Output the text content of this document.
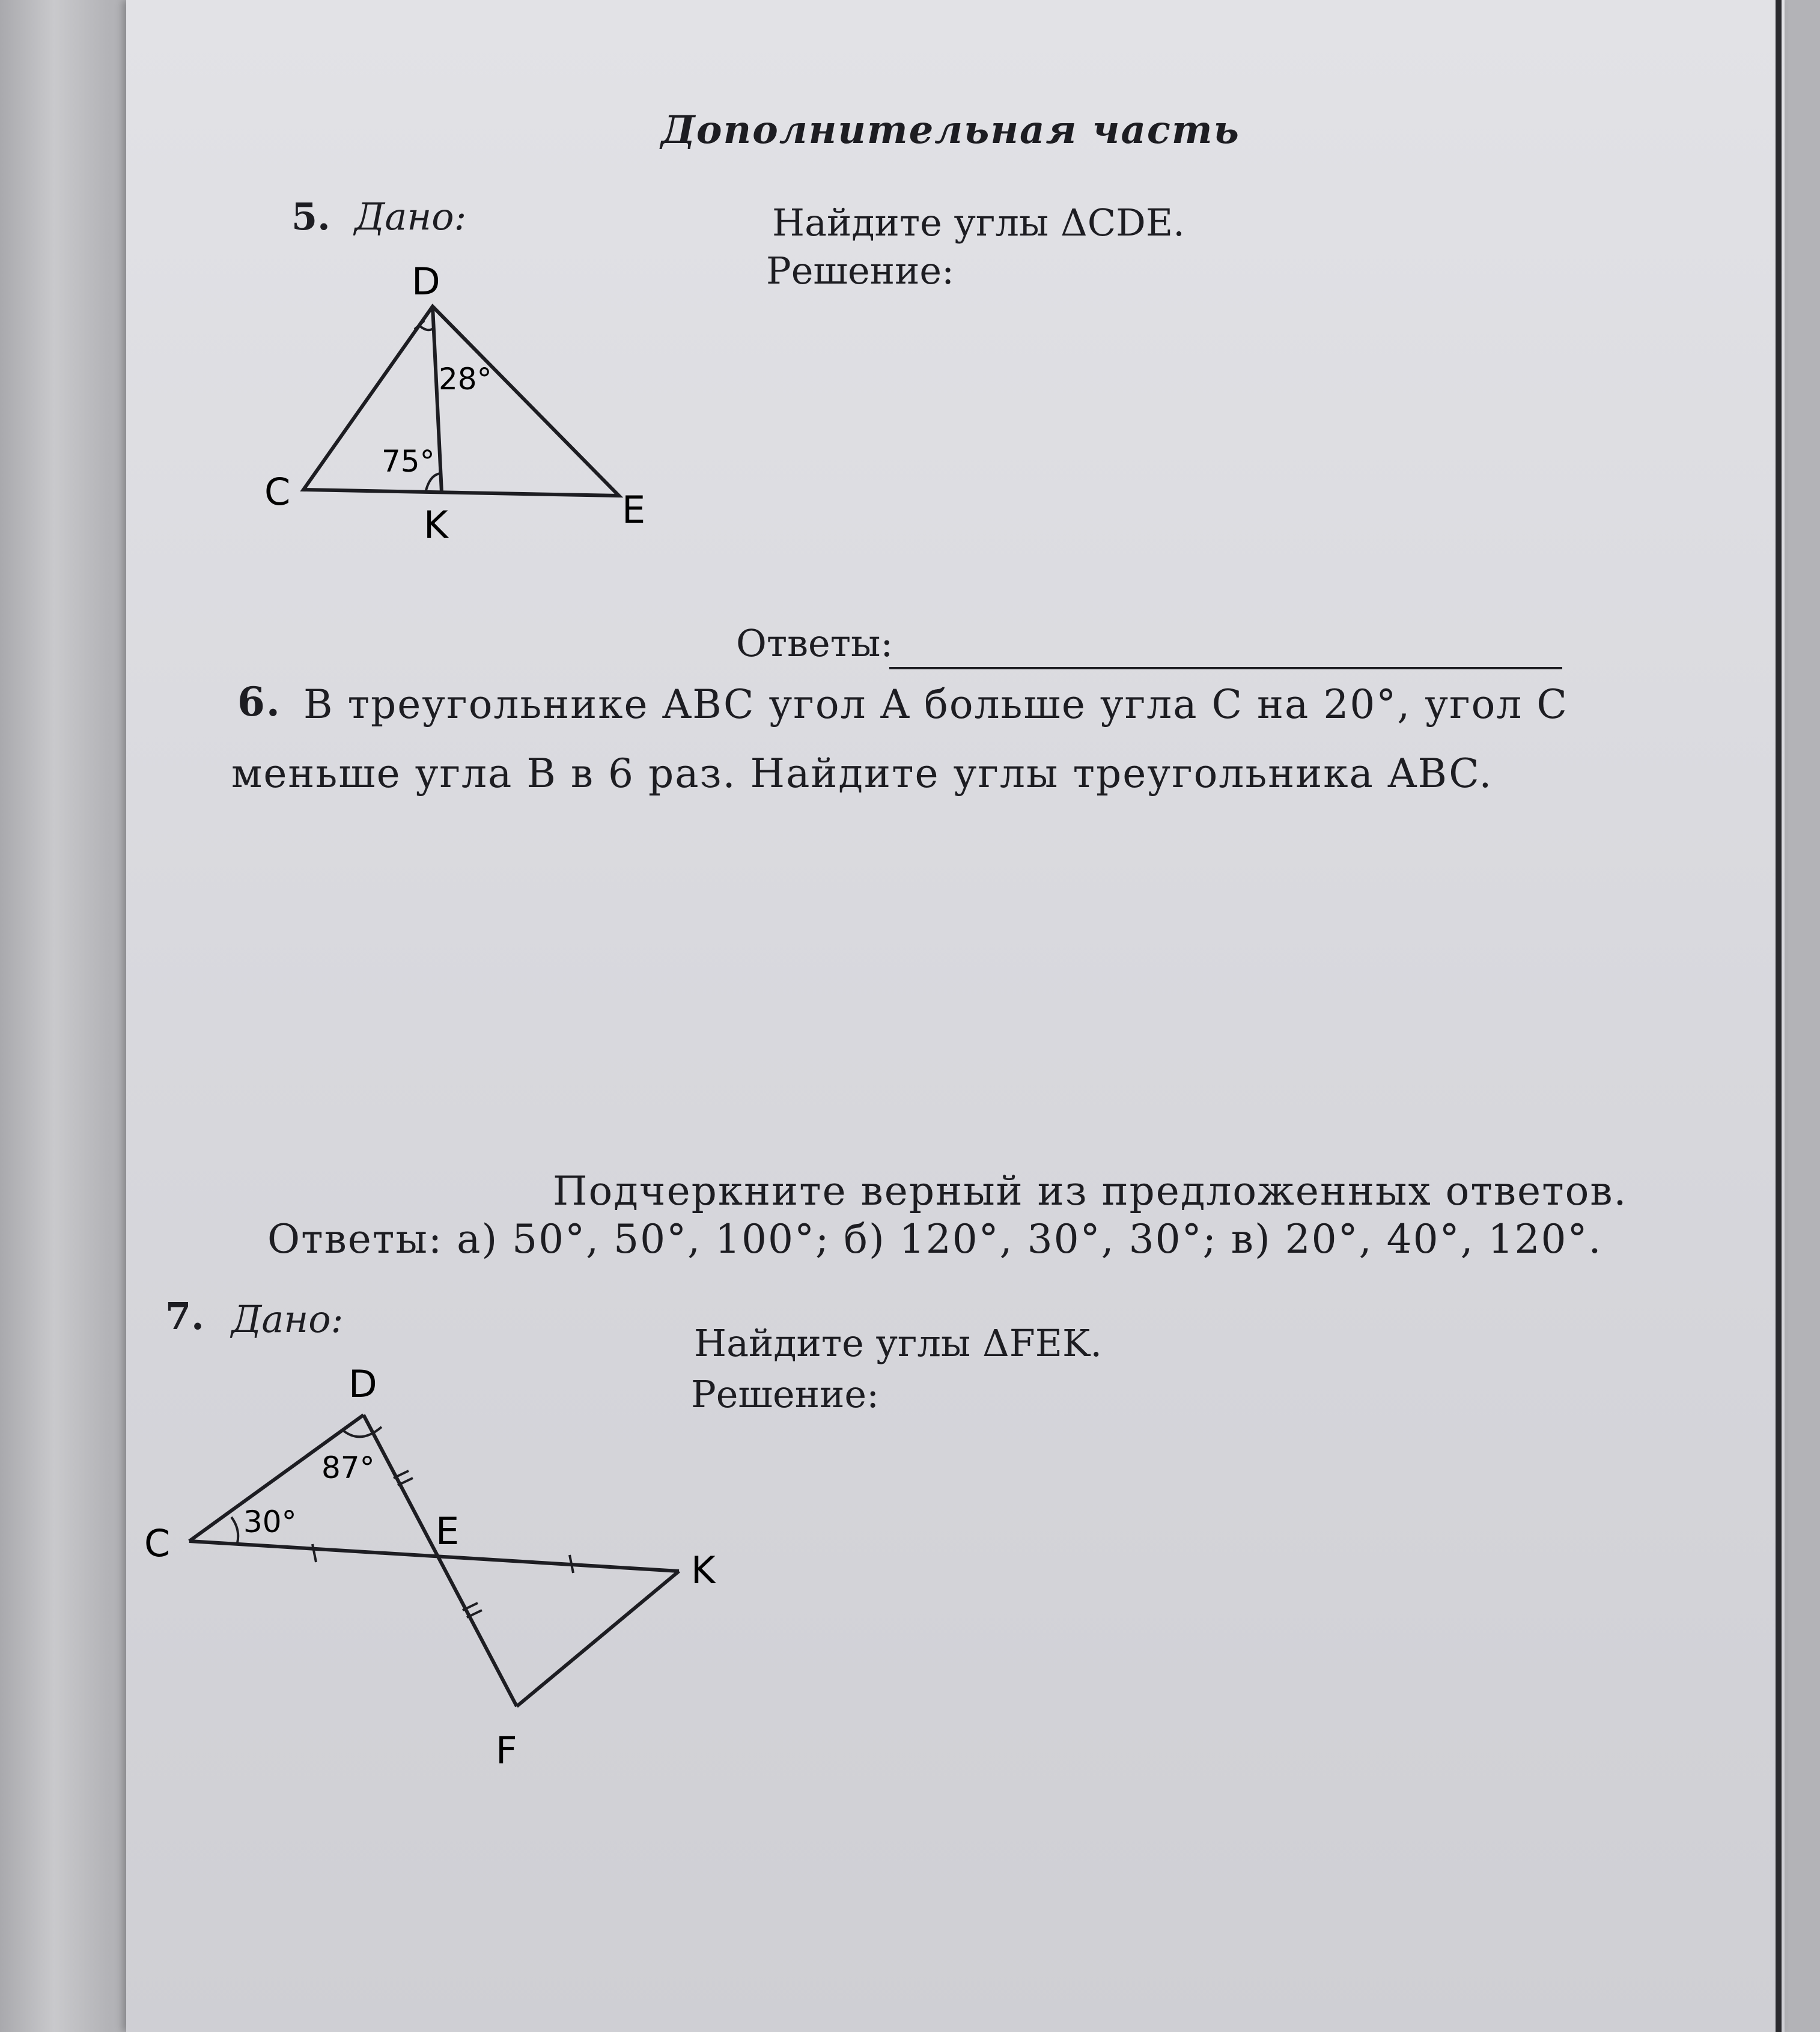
Дополнительная часть
5. Дано:	Найдите углы ΔCDE.
Решение:
D
C	E
K
28°
75°
Ответы:
6. В треугольнике ABC угол A больше угла C на 20°, угол C
меньше угла B в 6 раз. Найдите углы треугольника ABC.
Подчеркните верный из предложенных ответов.
Ответы: а) 50°, 50°, 100°; б) 120°, 30°, 30°; в) 20°, 40°, 120°.
7. Дано:
Найдите углы ΔFEK.
Решение:
D
C	E
K
F
87°
30°
